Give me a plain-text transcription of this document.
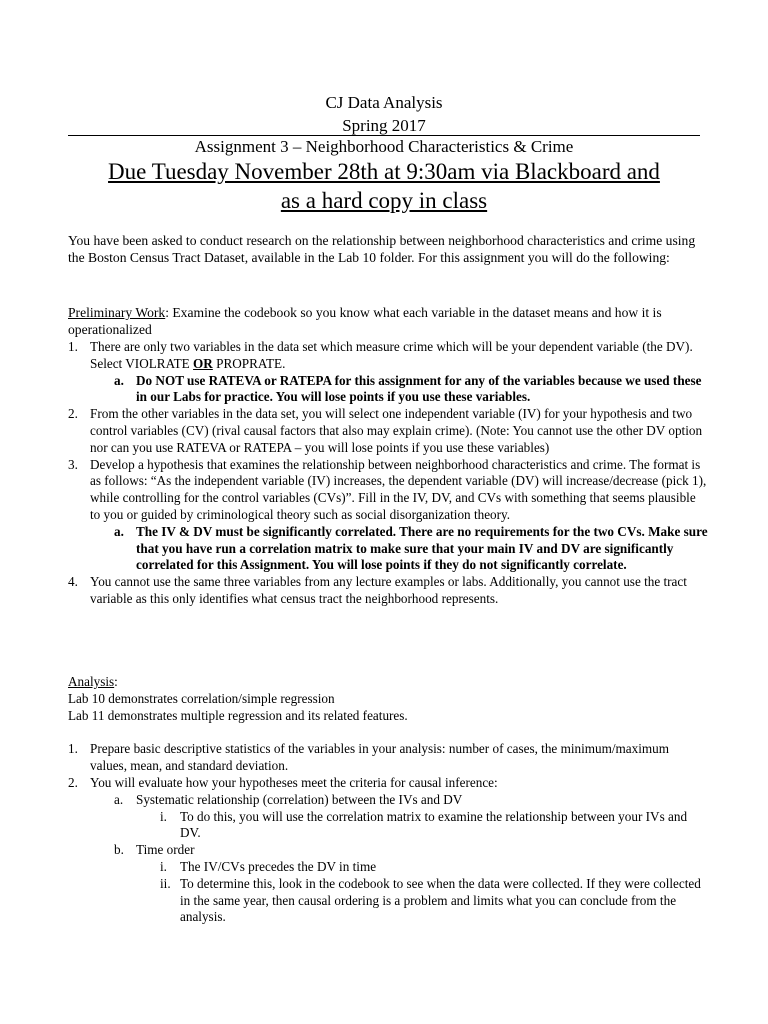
CJ Data Analysis
Spring 2017
Assignment 3 – Neighborhood Characteristics & Crime
Due Tuesday November 28th at 9:30am via Blackboard and
as a hard copy in class
You have been asked to conduct research on the relationship between neighborhood characteristics and crime using the Boston Census Tract Dataset, available in the Lab 10 folder. For this assignment you will do the following:
Preliminary Work: Examine the codebook so you know what each variable in the dataset means and how it is operationalized
1. There are only two variables in the data set which measure crime which will be your dependent variable (the DV). Select VIOLRATE OR PROPRATE.
a. Do NOT use RATEVA or RATEPA for this assignment for any of the variables because we used these in our Labs for practice. You will lose points if you use these variables.
2. From the other variables in the data set, you will select one independent variable (IV) for your hypothesis and two control variables (CV) (rival causal factors that also may explain crime). (Note: You cannot use the other DV option nor can you use RATEVA or RATEPA – you will lose points if you use these variables)
3. Develop a hypothesis that examines the relationship between neighborhood characteristics and crime. The format is as follows: “As the independent variable (IV) increases, the dependent variable (DV) will increase/decrease (pick 1), while controlling for the control variables (CVs)”. Fill in the IV, DV, and CVs with something that seems plausible to you or guided by criminological theory such as social disorganization theory.
a. The IV & DV must be significantly correlated. There are no requirements for the two CVs. Make sure that you have run a correlation matrix to make sure that your main IV and DV are significantly correlated for this Assignment. You will lose points if they do not significantly correlate.
4. You cannot use the same three variables from any lecture examples or labs. Additionally, you cannot use the tract variable as this only identifies what census tract the neighborhood represents.
Analysis:
Lab 10 demonstrates correlation/simple regression
Lab 11 demonstrates multiple regression and its related features.
1. Prepare basic descriptive statistics of the variables in your analysis: number of cases, the minimum/maximum values, mean, and standard deviation.
2. You will evaluate how your hypotheses meet the criteria for causal inference:
a. Systematic relationship (correlation) between the IVs and DV
i. To do this, you will use the correlation matrix to examine the relationship between your IVs and DV.
b. Time order
i. The IV/CVs precedes the DV in time
ii. To determine this, look in the codebook to see when the data were collected. If they were collected in the same year, then causal ordering is a problem and limits what you can conclude from the analysis.
